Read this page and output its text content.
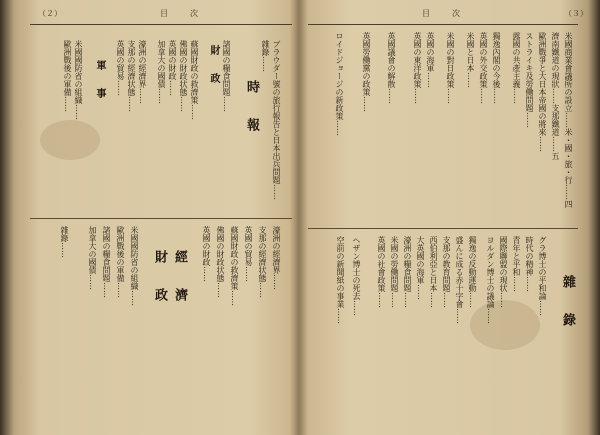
（２）	目　　次
時　報 ブラウダー號の旅行報告と日本出兵問題……
雜錄……
諸國の糧食問題……
財　政
蘇國財政の救濟策……
佛國の財政状態……
英國の財政……
加拿大の國債……
濠洲の經濟界……
支那の經濟状態……
英國の貿易……
軍　事
米國國防省の組織……
歐洲戰後の軍備……
財　政 經　濟	濠洲の經濟界……
支那の經濟状態……
英國の貿易……
蘇國財政の救濟策……
佛國の財政状態……
英國の財政……
米國國防省の組織……
歐洲戰後の軍備……
諸國の糧食問題……
加拿大の國債……
雜錄……
（３）
目　　次
米國商業會議所の設立……米・國・旅・行……四
濟南鐵道の現狀……支那鐵道……五
歐洲戰爭と大日本帝國の將來……
ストライキ及勞働問題……
露國の共產主義……
獨逸內閣の今後……
英國の外交政策……
米國と日本……
米國の對日政策……
英國の海軍……
英國の東洋政策……
英國議會の解散……
英國勞働黨の政策……
ロイドジョージの新政策……
雜　錄
グラ博士の平和論……
時代の精神……
青年と平和……
國際聯盟の現状……
ヨルダン博士の議論……
獨逸の反動運動……
盛んに成る赤十字會……
支那の教育問題……
西伯利亞と日本……
大英國の海軍……
濠洲の糧食問題……
米國の勞働問題……
英國の社會政策……
ヘザン博士の死去……
空前の新聞紙の事業……
